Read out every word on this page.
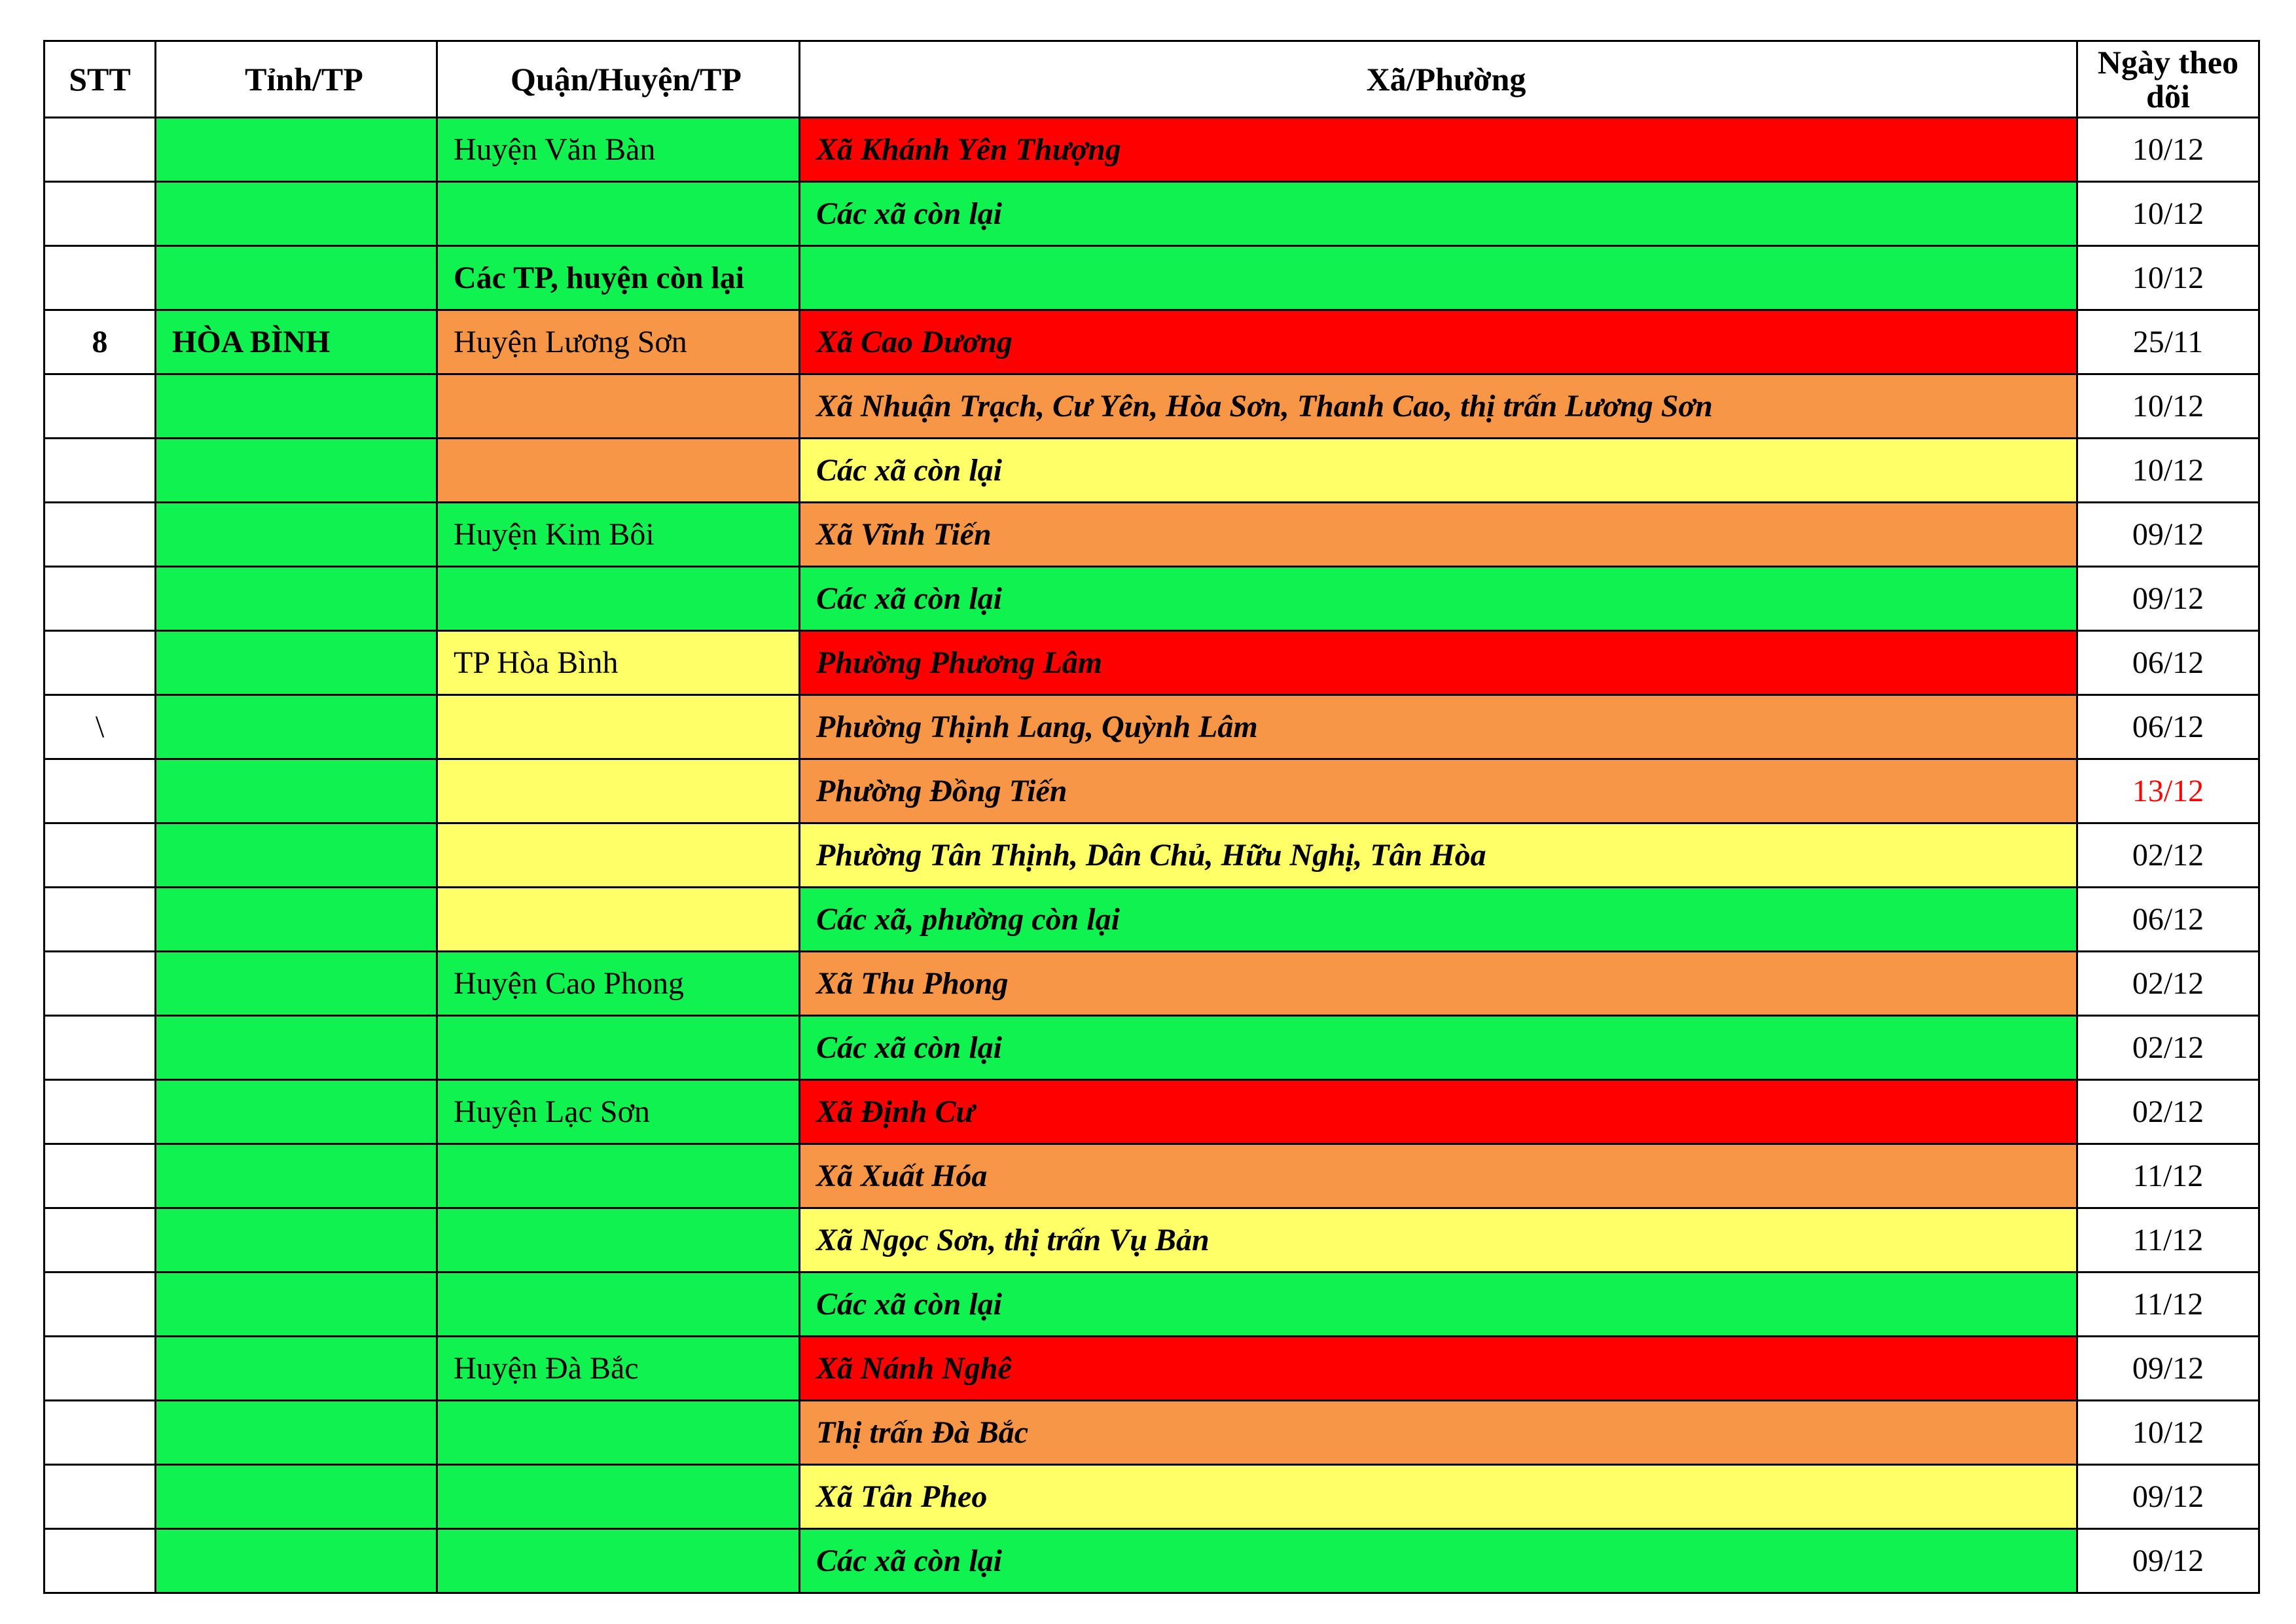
STT	Tỉnh/TP	Quận/Huyện/TP	Xã/Phường	Ngày theo dõi
		Huyện Văn Bàn	Xã Khánh Yên Thượng	10/12
			Các xã còn lại	10/12
		Các TP, huyện còn lại		10/12
8	HÒA BÌNH	Huyện Lương Sơn	Xã Cao Dương	25/11
			Xã Nhuận Trạch, Cư Yên, Hòa Sơn, Thanh Cao, thị trấn Lương Sơn	10/12
			Các xã còn lại	10/12
		Huyện Kim Bôi	Xã Vĩnh Tiến	09/12
			Các xã còn lại	09/12
		TP Hòa Bình	Phường Phương Lâm	06/12
\			Phường Thịnh Lang, Quỳnh Lâm	06/12
			Phường Đồng Tiến	13/12
			Phường Tân Thịnh, Dân Chủ, Hữu Nghị, Tân Hòa	02/12
			Các xã, phường còn lại	06/12
		Huyện Cao Phong	Xã Thu Phong	02/12
			Các xã còn lại	02/12
		Huyện Lạc Sơn	Xã Định Cư	02/12
			Xã Xuất Hóa	11/12
			Xã Ngọc Sơn, thị trấn Vụ Bản	11/12
			Các xã còn lại	11/12
		Huyện Đà Bắc	Xã Nánh Nghê	09/12
			Thị trấn Đà Bắc	10/12
			Xã Tân Pheo	09/12
			Các xã còn lại	09/12
